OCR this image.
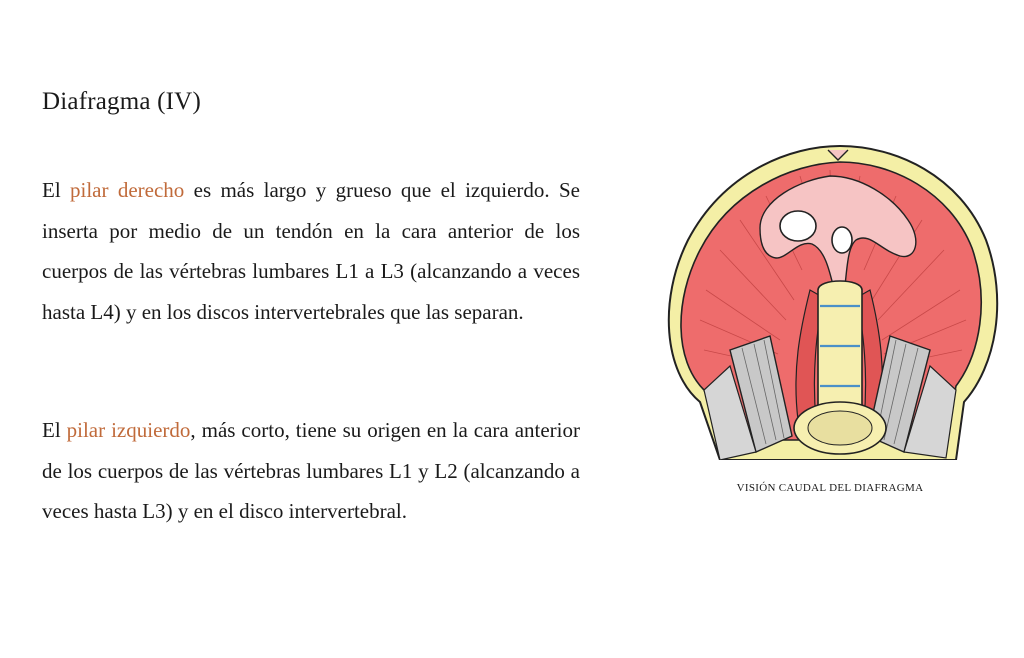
Diafragma (IV)

El pilar derecho es más largo y grueso que el izquierdo. Se inserta por medio de un tendón en la cara anterior de los cuerpos de las vértebras lumbares L1 a L3 (alcanzando a veces hasta L4) y en los discos intervertebrales que las separan.

El pilar izquierdo, más corto, tiene su origen en la cara anterior de los cuerpos de las vértebras lumbares L1 y L2 (alcanzando a veces hasta L3) y en el disco intervertebral.

VISIÓN CAUDAL DEL DIAFRAGMA
